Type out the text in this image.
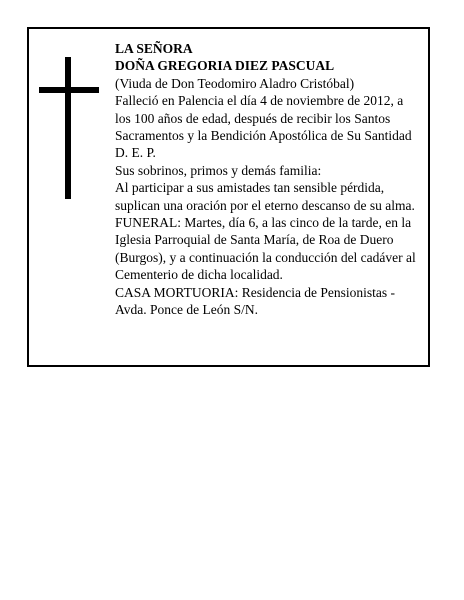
LA SEÑORA
DOÑA GREGORIA DIEZ PASCUAL
(Viuda de Don Teodomiro Aladro Cristóbal)
Falleció en Palencia el día 4 de noviembre de 2012, a
los 100 años de edad, después de recibir los Santos
Sacramentos y la Bendición Apostólica de Su Santidad
D. E. P.
Sus sobrinos, primos y demás familia:
Al participar a sus amistades tan sensible pérdida,
suplican una oración por el eterno descanso de su alma.
FUNERAL: Martes, día 6, a las cinco de la tarde, en la
Iglesia Parroquial de Santa María, de Roa de Duero
(Burgos), y a continuación la conducción del cadáver al
Cementerio de dicha localidad.
CASA MORTUORIA: Residencia de Pensionistas -
Avda. Ponce de León S/N.
